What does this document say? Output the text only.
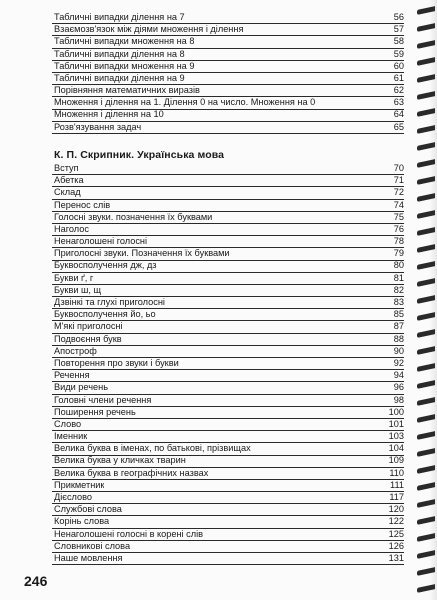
Табличні випадки ділення на 7	56
Взаємозв'язок між діями множення і ділення	57
Табличні випадки множення на 8	58
Табличні випадки ділення на 8	59
Табличні випадки множення на 9	60
Табличні випадки ділення на 9	61
Порівняння математичних виразів	62
Множення і ділення на 1. Ділення 0 на число. Множення на 0	63
Множення і ділення на 10	64
Розв'язування задач	65
К. П. Скрипник. Українська мова
Вступ	70
Абетка	71
Склад	72
Перенос слів	74
Голосні звуки. позначення їх буквами	75
Наголос	76
Ненаголошені голосні	78
Приголосні звуки. Позначення їх буквами	79
Буквосполучення дж, дз	80
Букви ґ, г	81
Букви ш, щ	82
Дзвінкі та глухі приголосні	83
Буквосполучення йо, ьо	85
М'які приголосні	87
Подвоєння букв	88
Апостроф	90
Повторення про звуки і букви	92
Речення	94
Види речень	96
Головні члени речення	98
Поширення речень	100
Слово	101
Іменник	103
Велика буква в іменах, по батькові, прізвищах	104
Велика буква у кличках тварин	109
Велика буква в географічних назвах	110
Прикметник	111
Дієслово	117
Службові слова	120
Корінь слова	122
Ненаголошені голосні в корені слів	125
Словникові слова	126
Наше мовлення	131
246
